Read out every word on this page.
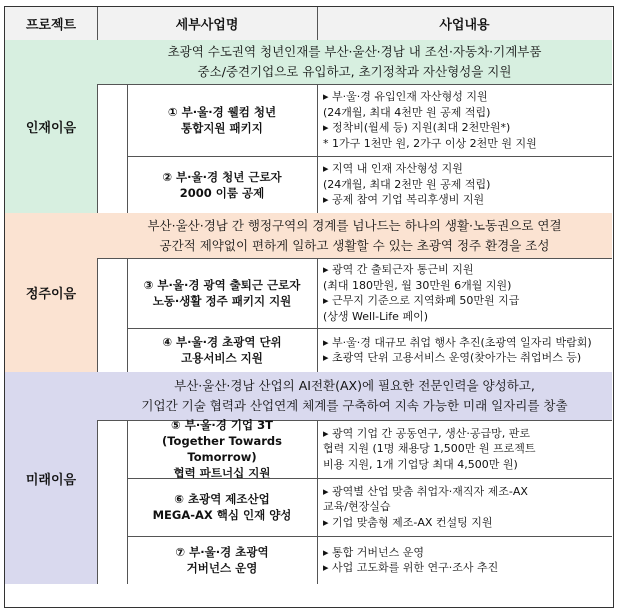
프로젝트	세부사업명	사업내용
인재이음
초광역 수도권역 청년인재를 부산·울산·경남 내 조선·자동차·기계부품
중소/중견기업으로 유입하고, 초기정착과 자산형성을 지원
① 부·울·경 웰컴 청년
통합지원 패키지
▸ 부·울·경 유입인재 자산형성 지원
(24개월, 최대 4천만 원 공제 적립)
▸ 정착비(월세 등) 지원(최대 2천만원*)
* 1가구 1천만 원, 2가구 이상 2천만 원 지원
② 부·울·경 청년 근로자
2000 이룸 공제
▸ 지역 내 인재 자산형성 지원
(24개월, 최대 2천만 원 공제 적립)
▸ 공제 참여 기업 복리후생비 지원
정주이음
부산·울산·경남 간 행정구역의 경계를 넘나드는 하나의 생활·노동권으로 연결
공간적 제약없이 편하게 일하고 생활할 수 있는 초광역 정주 환경을 조성
③ 부·울·경 광역 출퇴근 근로자
노동·생활 정주 패키지 지원
▸ 광역 간 출퇴근자 통근비 지원
(최대 180만원, 월 30만원 6개월 지원)
▸ 근무지 기준으로 지역화폐 50만원 지급
(상생 Well-Life 페이)
④ 부·울·경 초광역 단위
고용서비스 지원
▸ 부·울·경 대규모 취업 행사 추진(초광역 일자리 박람회)
▸ 초광역 단위 고용서비스 운영(찾아가는 취업버스 등)
미래이음
부산·울산·경남 산업의 AI전환(AX)에 필요한 전문인력을 양성하고,
기업간 기술 협력과 산업연계 체계를 구축하여 지속 가능한 미래 일자리를 창출
⑤ 부·울·경 기업 3T
(Together Towards Tomorrow)
협력 파트너십 지원
▸ 광역 기업 간 공동연구, 생산·공급망, 판로
협력 지원 (1명 채용당 1,500만 원 프로젝트
비용 지원, 1개 기업당 최대 4,500만 원)
⑥ 초광역 제조산업
MEGA-AX 핵심 인재 양성
▸ 광역별 산업 맞춤 취업자·재직자 제조-AX
교육/현장실습
▸ 기업 맞춤형 제조-AX 컨설팅 지원
⑦ 부·울·경 초광역
거버넌스 운영
▸ 통합 거버넌스 운영
▸ 사업 고도화를 위한 연구·조사 추진
